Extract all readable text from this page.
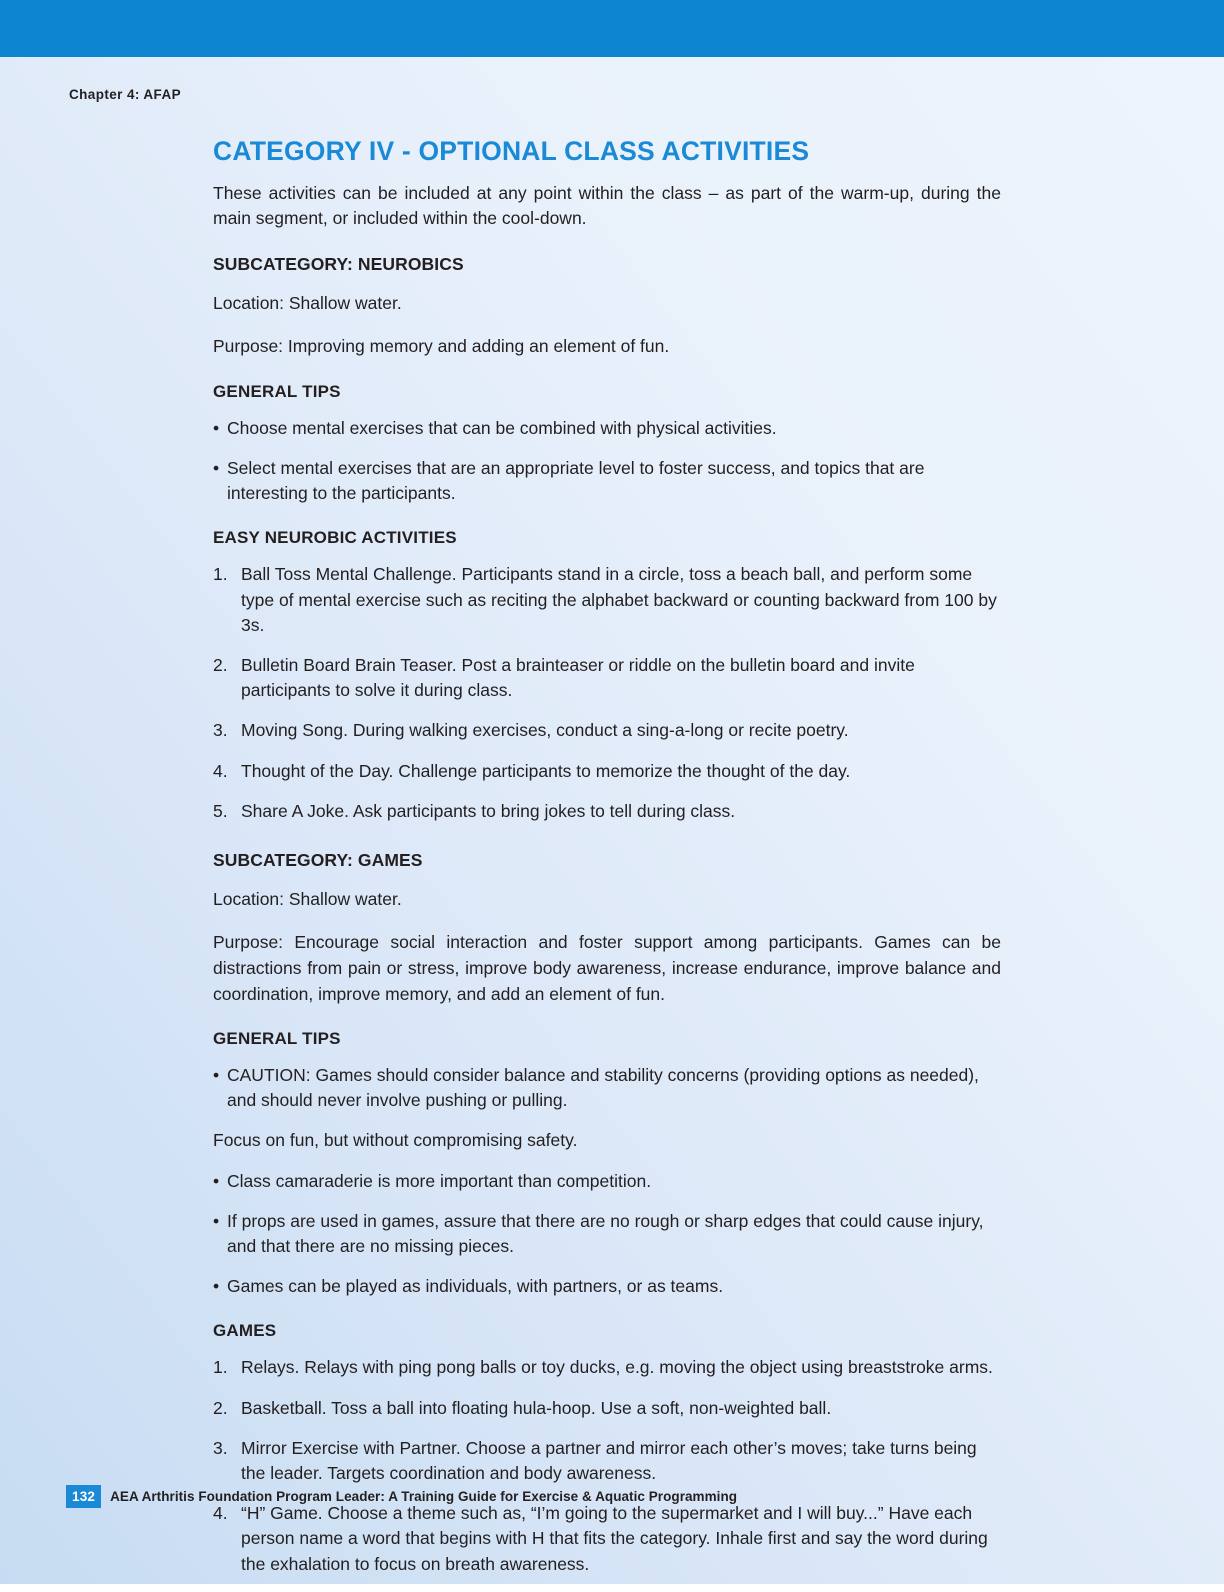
Chapter 4: AFAP
CATEGORY IV - OPTIONAL CLASS ACTIVITIES

These activities can be included at any point within the class – as part of the warm-up, during the main segment, or included within the cool-down.

SUBCATEGORY: NEUROBICS

Location: Shallow water.

Purpose: Improving memory and adding an element of fun.

GENERAL TIPS
• Choose mental exercises that can be combined with physical activities.
• Select mental exercises that are an appropriate level to foster success, and topics that are interesting to the participants.
EASY NEUROBIC ACTIVITIES
1. Ball Toss Mental Challenge. Participants stand in a circle, toss a beach ball, and perform some type of mental exercise such as reciting the alphabet backward or counting backward from 100 by 3s.
2. Bulletin Board Brain Teaser. Post a brainteaser or riddle on the bulletin board and invite participants to solve it during class.
3. Moving Song. During walking exercises, conduct a sing-a-long or recite poetry.
4. Thought of the Day. Challenge participants to memorize the thought of the day.
5. Share A Joke. Ask participants to bring jokes to tell during class.
SUBCATEGORY: GAMES

Location: Shallow water.

Purpose: Encourage social interaction and foster support among participants. Games can be distractions from pain or stress, improve body awareness, increase endurance, improve balance and coordination, improve memory, and add an element of fun.

GENERAL TIPS
• CAUTION: Games should consider balance and stability concerns (providing options as needed), and should never involve pushing or pulling.

Focus on fun, but without compromising safety.

• Class camaraderie is more important than competition.
• If props are used in games, assure that there are no rough or sharp edges that could cause injury, and that there are no missing pieces.
• Games can be played as individuals, with partners, or as teams.
GAMES
1. Relays. Relays with ping pong balls or toy ducks, e.g. moving the object using breaststroke arms.
2. Basketball. Toss a ball into floating hula-hoop. Use a soft, non-weighted ball.
3. Mirror Exercise with Partner. Choose a partner and mirror each other’s moves; take turns being the leader. Targets coordination and body awareness.
4. “H” Game. Choose a theme such as, “I’m going to the supermarket and I will buy...” Have each person name a word that begins with H that fits the category. Inhale first and say the word during the exhalation to focus on breath awareness.
132	AEA Arthritis Foundation Program Leader: A Training Guide for Exercise & Aquatic Programming
